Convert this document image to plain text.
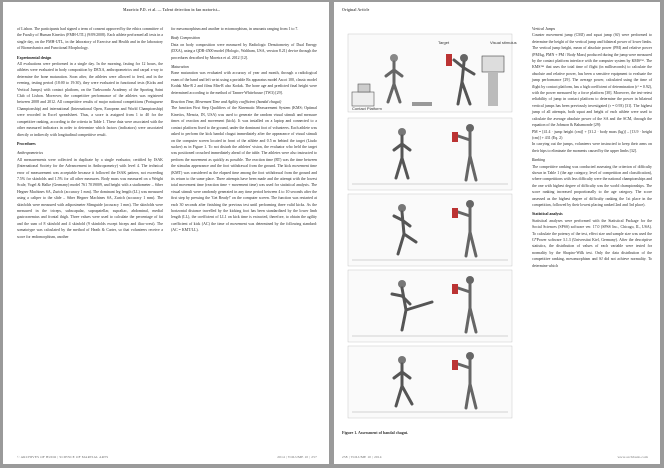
Mauricio P.D. et al. — Talent detection in fan motorist...

of Lisbon. The participants had signed a term of consent approved by the ethics committee of the Faculty of Human Kinetics (FMH-UTL) (9/09/2008). Each athlete performed all tests in a single day, on the FMH-UTL, in the laboratory of Exercise and Health and in the laboratory of Biomechanics and Functional Morphology.

Experimental design

All evaluations were performed in a single day. In the morning, fasting for 12 hours, the athletes were evaluated in body composition by DEXA, anthropometrics and carpal x-ray to determine the bone maturation. Soon after, the athletes were allowed to feed, and in the evening, testing period (18:00 to 19:30), they were evaluated in functional tests (Kicks and Vertical Jumps) with contact platform, on the Taekwondo Academy of the Sporting Saint Club of Lisbon. Moreover, the competitive performance of the athletes was registered between 2008 and 2012. All competitive results of major national competitions (Portuguese Championship) and international (International Open, European and World Championship) were recorded in Excel spreadsheet. Thus, a score is assigned from 1 to 40 for the competitive ranking, according to the criteria in Table 1. These data were associated with the other measured indicators in order to determine which factors (indicators) were associated directly or indirectly with longitudinal competitive result.

Procedures

Anthropometrics

All measurements were collected in duplicate by a single evaluator, certified by ISAK (International Society for the Advancement in Anthropometry) with level 4. The technical error of measurement was acceptable because it followed the ISAK pattern, not exceeding 7.5% for skinfolds and 1.5% for all other measures. Body mass was measured on a Weight Scale, Vogel & Halke (Germany) model 761 7019009, and height with a stadiometer – Siber Hegner Machines SA, Zurich (accuracy 1 mm). The dominant leg length (LL) was measured using a caliper to the slide – Siber Hegner Machines SA, Zurich (accuracy 1 mm). The skinfolds were measured with adiposimeter Slimguide (accuracy 1 mm). The skinfolds were measured in the triceps, subscapular, suprapatellar, supraliac, abdominal, medial gastrocnemius and frontal thigh. Three values were used to calculate the percentage of fat and the sum of 8 skinfold and 4 skinfold (9 skinfolds except biceps and iliac-crest). The somatotype was calculated by the method of Heath & Carter, so that volunteers receive a score for endomorphism, another

for mesomorphism and another to ectomorphism, in amounts ranging from 1 to 7.

Body Composition

Data on body composition were measured by Radiologic Densitometry of Dual Energy (DXA), using a QDR-4500 model (Hologic, Waltham, USA, version 8.21) device through the procedures described by Moreira et al. 2012 [12].

Maturation

Bone maturation was evaluated with accuracy of year and month, through a radiological exam of the hand and left wrist using a portable Rx apparatus model Ascot 100, classic model Kodak Min-R 2 and films Min-R also Kodak. The bone age and predicted final height were determined according to the method of Tanner-Whitehouse (TW3) [29].

Reaction Time, Movement Time and Agility coefficient (bandal chagui)

The function First Step Qualifiers of the Kinematic Measurement System (KMS; Optimal Kinetics, Mencia, IN, USA) was used to generate the random visual stimuli and measure times of reaction and movement (kick). It was installed on a laptop and connected to a contact platform fixed to the ground, under the dominant foot of volunteers. Each athlete was asked to perform the kick bandal chagui immediately after the appearance of visual stimuli on the computer screen located in front of the athlete and 0.5 m behind the target (Liudo sucker) as in Figure 1. To not disturb the athletes' vision, the evaluator who held the target was positioned crouched immediately ahead of the table. The athletes were also instructed to perform the movement as quickly as possible. The reaction time (RT) was the time between the stimulus appearance and the foot withdrawal from the ground. The kick movement time (KMT) was considered as the elapsed time among the foot withdrawal from the ground and its return to the same place. Three attempts have been made and the attempt with the lowest total movement time (reaction time + movement time) was used for statistical analysis. The visual stimuli were randomly generated in any time period between 4 to 10 seconds after the first step by pressing the 'Get Ready!' on the computer screen. The function was restarted at each 30 seconds after finishing the previous test until performing three valid kicks. As the horizontal distance travelled by the kicking foot has been standardized by the lower limb length (LL), the coefficient of LL1 on kick time is extracted, therefore, to obtain the agility coefficient of kick (AC) the time of movement was determined by the following standard: (AC = KMT/LL).

© ARCHIVES OF BUDO | SCIENCE OF MARTIAL ARTS	2014 | VOLUME 10 | 257
Original Article
Target	Visual stimulus
Contact Platform
Figure 1. Assessment of bandal chagui.

Vertical Jumps

Counter movement jump (CMJ) and squat jump (SJ) were performed to determine the height of the vertical jump and bilateral power of lower limbs. The vertical jump height, mean of absolute power (PM) and relative power (PM/kg, PMN + PM / Body Mass) produced during the jump were measured by the contact platform interface with the computer system by KMS™. The KMS™ that uses the total time of flight (in milliseconds) to calculate the absolute and relative power, has been a sensitive equipment to evaluate the jump performance [29]. The average power, calculated using the time of flight by contact platform, has a high coefficient of determination (r² = 0.92), with the power measured by a force platform [30]. Moreover, the test-retest reliability of jump in contact platform to determine the power in bilateral vertical jumps has been previously investigated (r = 0.93) [31]. The highest jump of all attempts, both squat and height of each athlete were used to calculate the average absolute power of the SA and the SCM, through the equation of the Johnson & Bahamonde [29]:

PM = [41.4 · jump height (cm)] + [31.2 · body mass (kg)] – [13.9 · height (cm)] + 431 (Eq. 2)

In carrying out the jumps, volunteers were instructed to keep their arms on their hips to eliminate the moments caused by the upper limbs [32].

Ranking

The competitive ranking was conducted assessing the criterion of difficulty shown in Table 1 (the age category, level of competition and classification), where competitions with less difficulty were the national championships and the one with highest degree of difficulty was the world championships. The score ranking increased proportionally to the age category. The score assessed as the highest degree of difficulty ranking the 1st place in the competition, followed by their lowest placing ranked 2nd and 3rd place).

Statistical analysis

Statistical analyses were performed with the Statistical Package for the Social Sciences (SPSS) software ver. 17.0 (SPSS Inc., Chicago, IL, USA). To calculate the potency of the test, effect size and sample size was used the G*Power software 3.1.3 (Universitat Kiel, Germany). After the descriptive statistics, the distribution of values of each variable were tested for normality by the Shapiro-Wilk test. Only the data distribution of the competitive ranking, mesomorphism and SJ did not achieve normality. To determine which

258 | VOLUME 10 | 2014	www.archbudo.com
